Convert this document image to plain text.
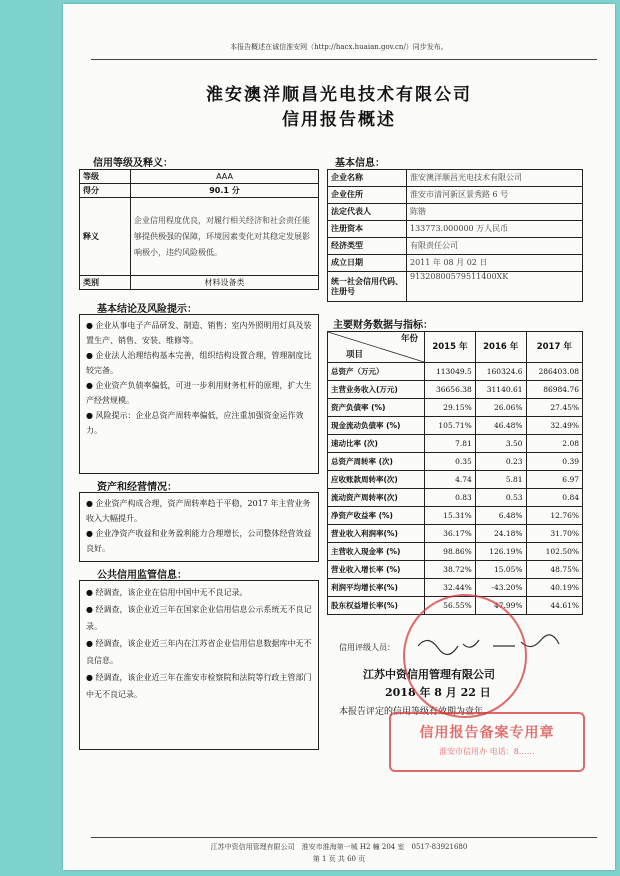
本报告概述在诚信淮安网（http://hacx.huaian.gov.cn/）同步发布。
淮安澳洋顺昌光电技术有限公司
信用报告概述
信用等级及释义：
等级	AAA
得分	90.1 分
释义	企业信用程度优良，对履行相关经济和社会责任能够提供极强的保障，环境因素变化对其稳定发展影响极小，违约风险极低。
类别	材料设备类
基本信息：
企业名称	淮安澳洋顺昌光电技术有限公司
企业住所	淮安市清河新区景秀路 6 号
法定代表人	陈锴
注册资本	133773.000000 万人民币
经济类型	有限责任公司
成立日期	2011 年 08 月 02 日
统一社会信用代码、注册号	91320800579511400XK
基本结论及风险提示：

● 企业从事电子产品研发、制造、销售；室内外照明用灯具及装置生产、销售、安装、维修等。

● 企业法人治理结构基本完善，组织结构设置合理，管理制度比较完备。

● 企业资产负债率偏低，可进一步利用财务杠杆的原理，扩大生产经营规模。

● 风险提示：企业总资产周转率偏低，应注重加强资金运作效力。

资产和经营情况：

● 企业资产构成合理，资产周转率趋于平稳，2017 年主营业务收入大幅提升。

● 企业净资产收益和业务盈利能力合理增长，公司整体经营效益良好。

公共信用监管信息：

● 经调查，该企业在信用中国中无不良记录。

● 经调查，该企业近三年在国家企业信用信息公示系统无不良记录。

● 经调查，该企业近三年内在江苏省企业信用信息数据库中无不良信息。

● 经调查，该企业近三年在淮安市检察院和法院等行政主管部门中无不良记录。

主要财务数据与指标：
年份
项目	2015 年	2016 年	2017 年
总资产（万元）	113049.5	160324.6	286403.08
主营业务收入(万元)	36656.38	31140.61	86984.76
资产负债率 (%)	29.15%	26.06%	27.45%
现金流动负债率 (%)	105.71%	46.48%	32.49%
速动比率 (次)	7.81	3.50	2.08
总资产周转率 (次)	0.35	0.23	0.39
应收账款周转率(次)	4.74	5.81	6.97
流动资产周转率(次)	0.83	0.53	0.84
净资产收益率 (%)	15.31%	6.48%	12.76%
营业收入利润率(%)	36.17%	24.18%	31.70%
主营收入现金率 (%)	98.86%	126.19%	102.50%
营业收入增长率 (%)	38.72%	15.05%	48.75%
利润平均增长率(%)	32.44%	-43.20%	40.19%
股东权益增长率(%)	56.55%	47.99%	44.61%
信用评级人员：
江苏中资信用管理有限公司
2018 年 8 月 22 日
本报告评定的信用等级有效期为壹年。
信用报告备案专用章
淮安市信用办 电话：8……
江苏中资信用管理有限公司　淮安市淮海第一城 H2 幢 204 室　0517-83921680
第 1 页 共 60 页
